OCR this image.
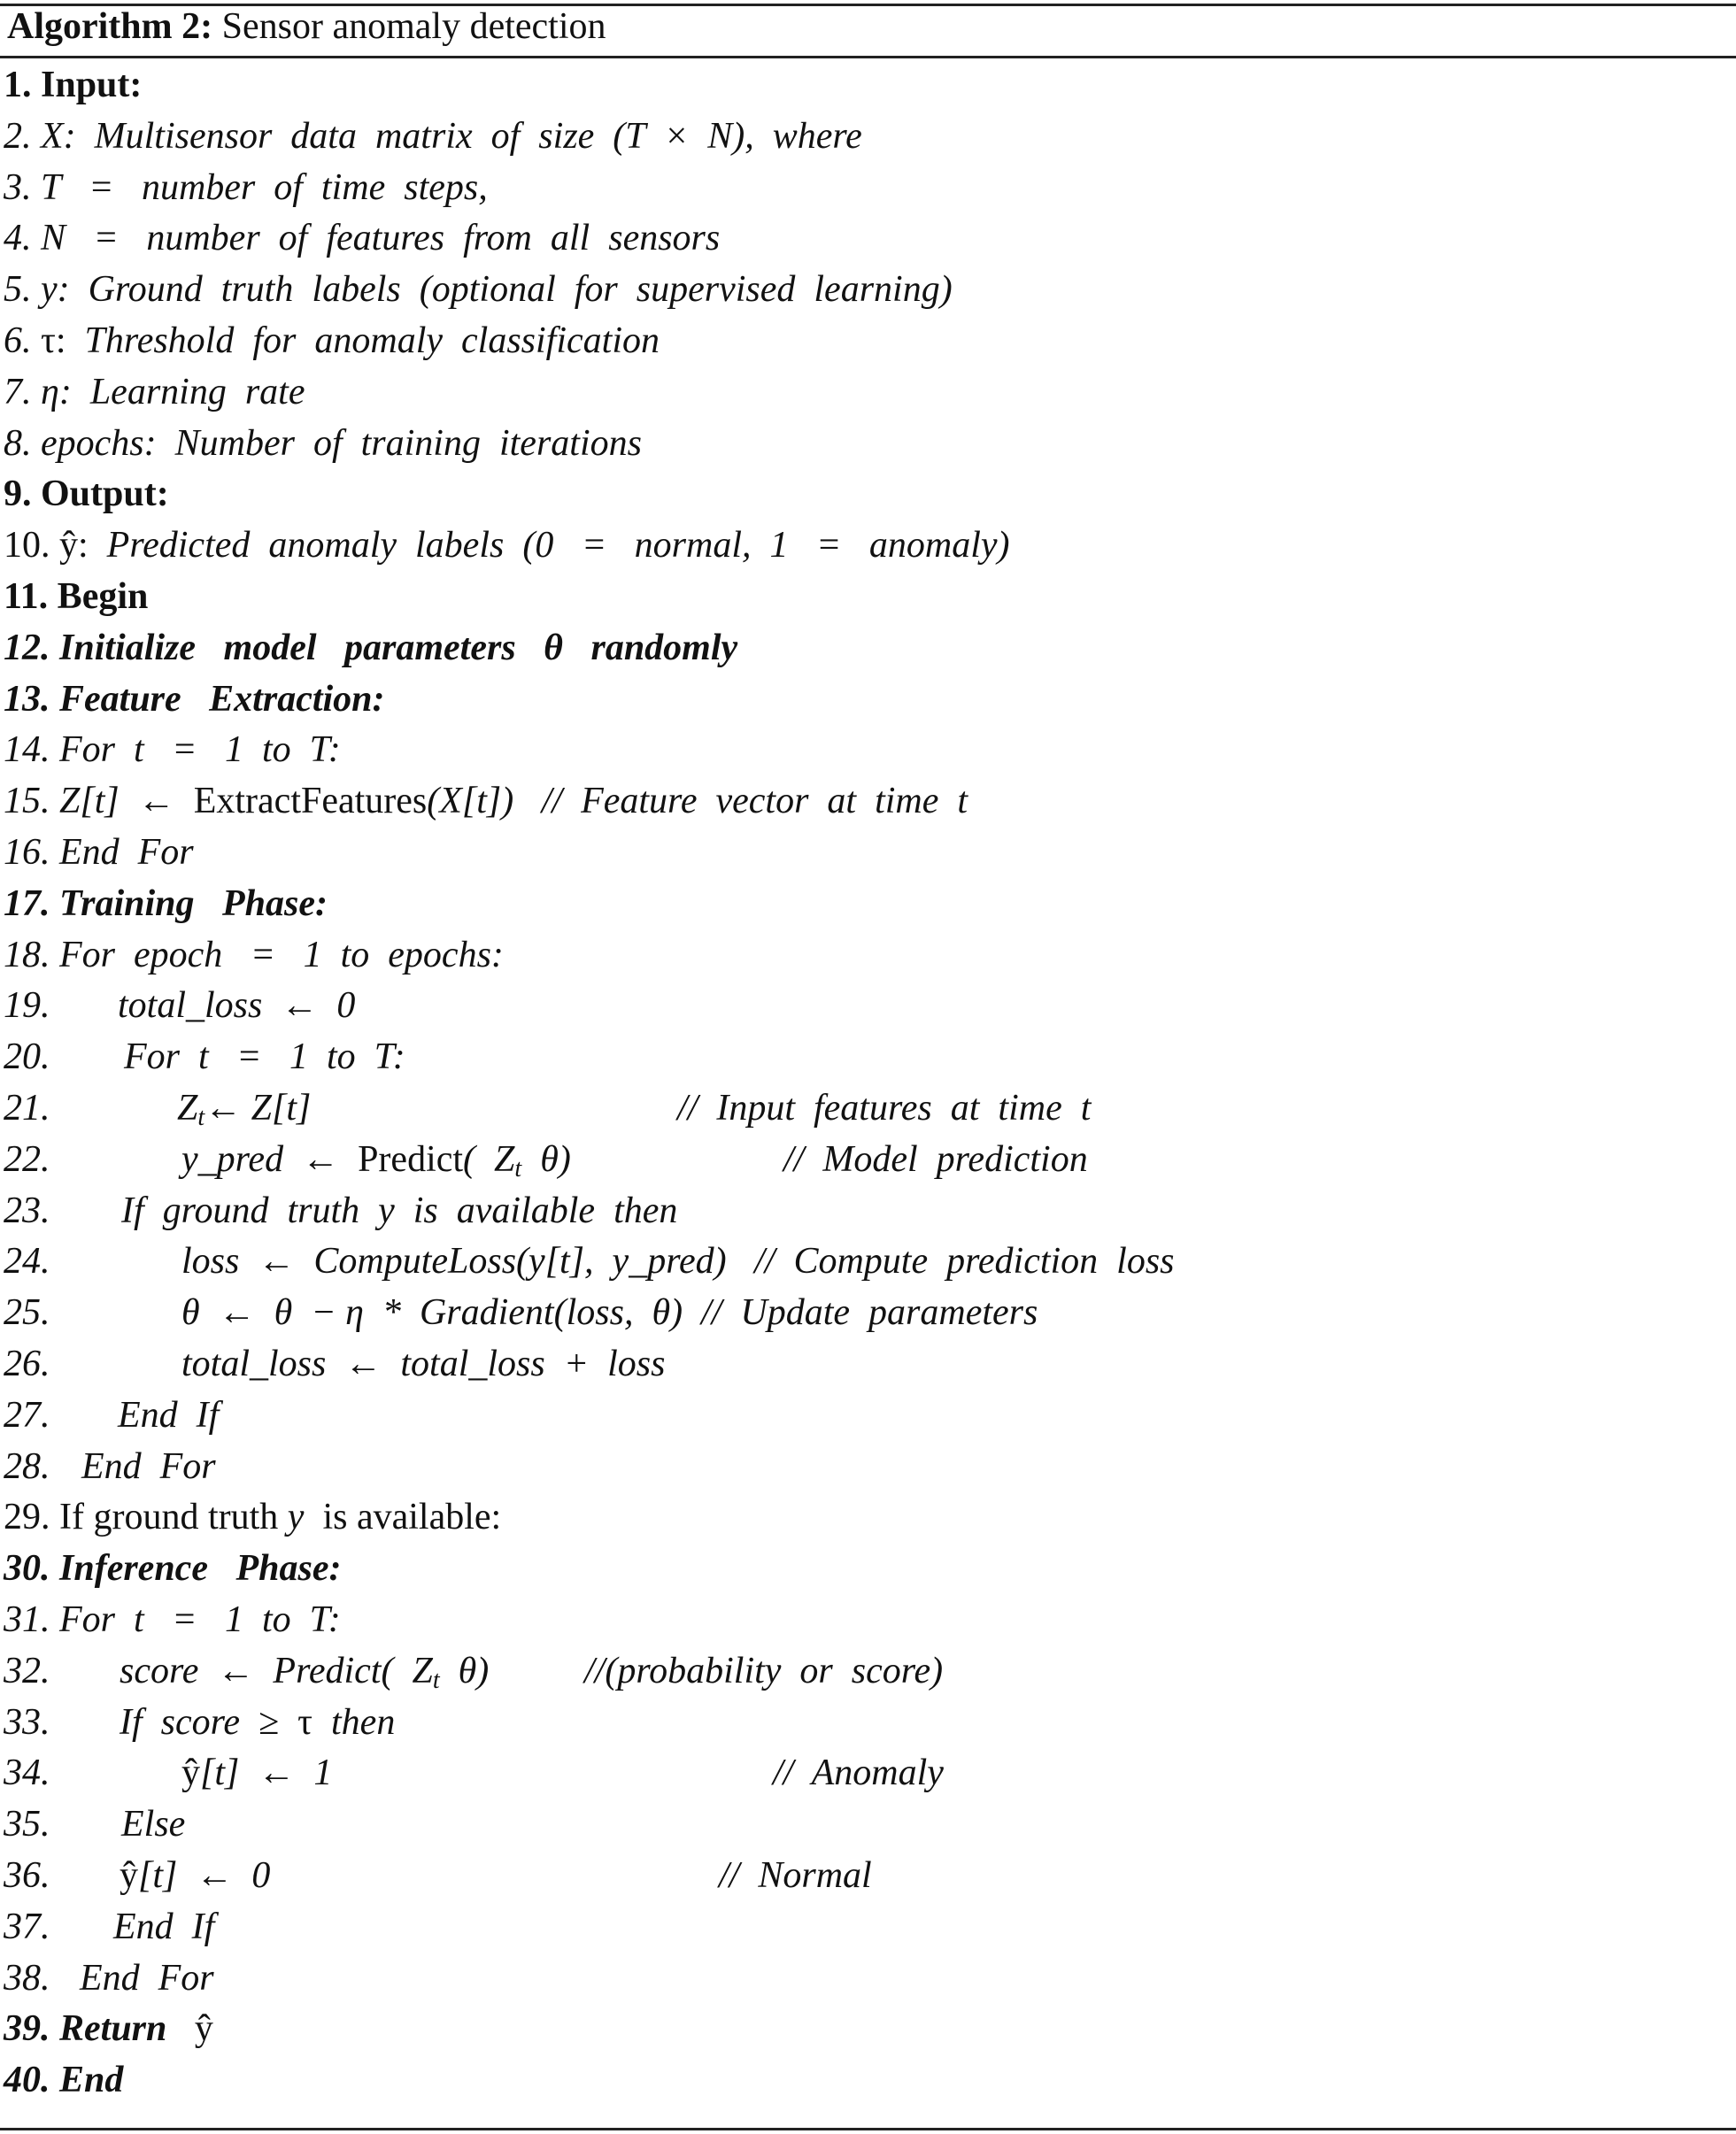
Algorithm 2: Sensor anomaly detection
1. Input:
2. X:  Multisensor  data  matrix  of  size  (T  ×  N),  where
3. T   =   number  of  time  steps,
4. N   =   number  of  features  from  all  sensors
5. y:  Ground  truth  labels  (optional  for  supervised  learning)
6. τ: Threshold  for  anomaly  classification
7. η:  Learning  rate
8. epochs:  Number  of  training  iterations
9. Output:
10. ŷ: Predicted  anomaly  labels  (0   =   normal,  1   =   anomaly)
11. Begin
12. Initialize   model   parameters   θ   randomly
13. Feature   Extraction:
14. For  t   =   1  to  T:
15. Z[t] ←  ExtractFeatures (X[t])   //  Feature  vector  at  time  t
16. End  For
17. Training   Phase:
18. For  epoch   =   1  to  epochs:
19. total_loss  ←  0
20. For  t   =   1  to  T:
21.	Z $_t$ ← Z[t]	//  Input  features  at  time  t
22.	y_pred  ← Predict (  Z $_t$ θ)	//  Model  prediction
23. If  ground  truth  y  is  available  then
24.	loss  ←  ComputeLoss(y[t],  y_pred)   //  Compute  prediction  loss
25.	θ  ←  θ  − η  *  Gradient(loss,  θ)  //  Update  parameters
26.	total_loss  ←  total_loss  +  loss
27. End  If
28. End  For
29. If ground truth y is available:
30. Inference   Phase:
31. For  t   =   1  to  T:
32. score  ←  Predict(  Z $_t$ θ)	//(probability  or  score)
33. If  score ≥  τ then
34.	ŷ [t]  ←  1	//  Anomaly
35. Else
36. ŷ [t]  ←  0	//  Normal
37. End  If
38. End  For
39. Return ŷ
40. End
